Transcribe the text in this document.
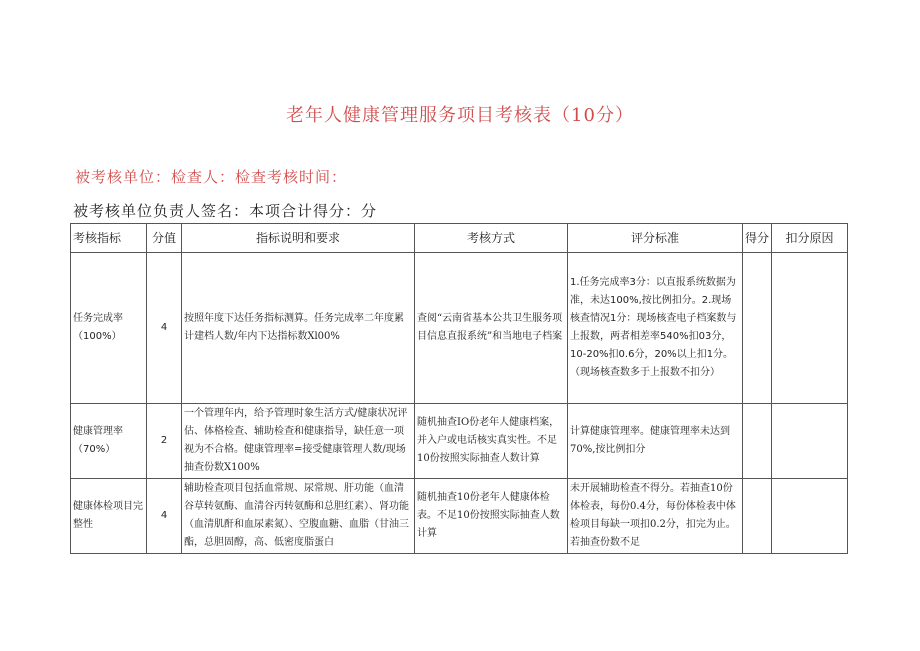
老年人健康管理服务项目考核表（10分）
被考核单位：检查人：检查考核时间：
被考核单位负责人签名：本项合计得分：分
考核指标	分值	指标说明和要求	考核方式	评分标准	得分	扣分原因
任务完成率（100%）	4	按照年度下达任务指标测算。任务完成率二年度累计建档人数/年内下达指标数Xl00%	查阅“云南省基本公共卫生服务项目信息直报系统”和当地电子档案	1.任务完成率3分：以直报系统数据为准，未达100%,按比例扣分。2.现场核查情况1分：现场核查电子档案数与上报数，两者相差率540%扣03分，10-20%扣0.6分，20%以上扣1分。（现场核查数多于上报数不扣分）		
健康管理率（70%）	2	一个管理年内，给予管理时象生活方式/健康状况评估、体格检查、辅助检查和健康指导，缺任意一项视为不合格。健康管理率=接受健康管理人数/现场抽查份数X100%	随机抽查IO份老年人健康档案，并入户或电话核实真实性。不足10份按照实际抽查人数计算	计算健康管理率。健康管理率未达到70%,按比例扣分		
健康体检项目完整性	4	辅助检查项目包括血常规、尿常规、肝功能（血清谷草转氨酶、血清谷丙转氨酶和总胆红素）、肾功能（血清肌酐和血尿素氮）、空腹血糖、血脂（甘油三酯，总胆固醇，高、低密度脂蛋白	随机抽查10份老年人健康体检表。不足10份按照实际抽查人数计算	未开展辅助检查不得分。若抽查10份体检表，每份0.4分，每份体检表中体检项目每缺一项扣0.2分，扣完为止。若抽查份数不足		
